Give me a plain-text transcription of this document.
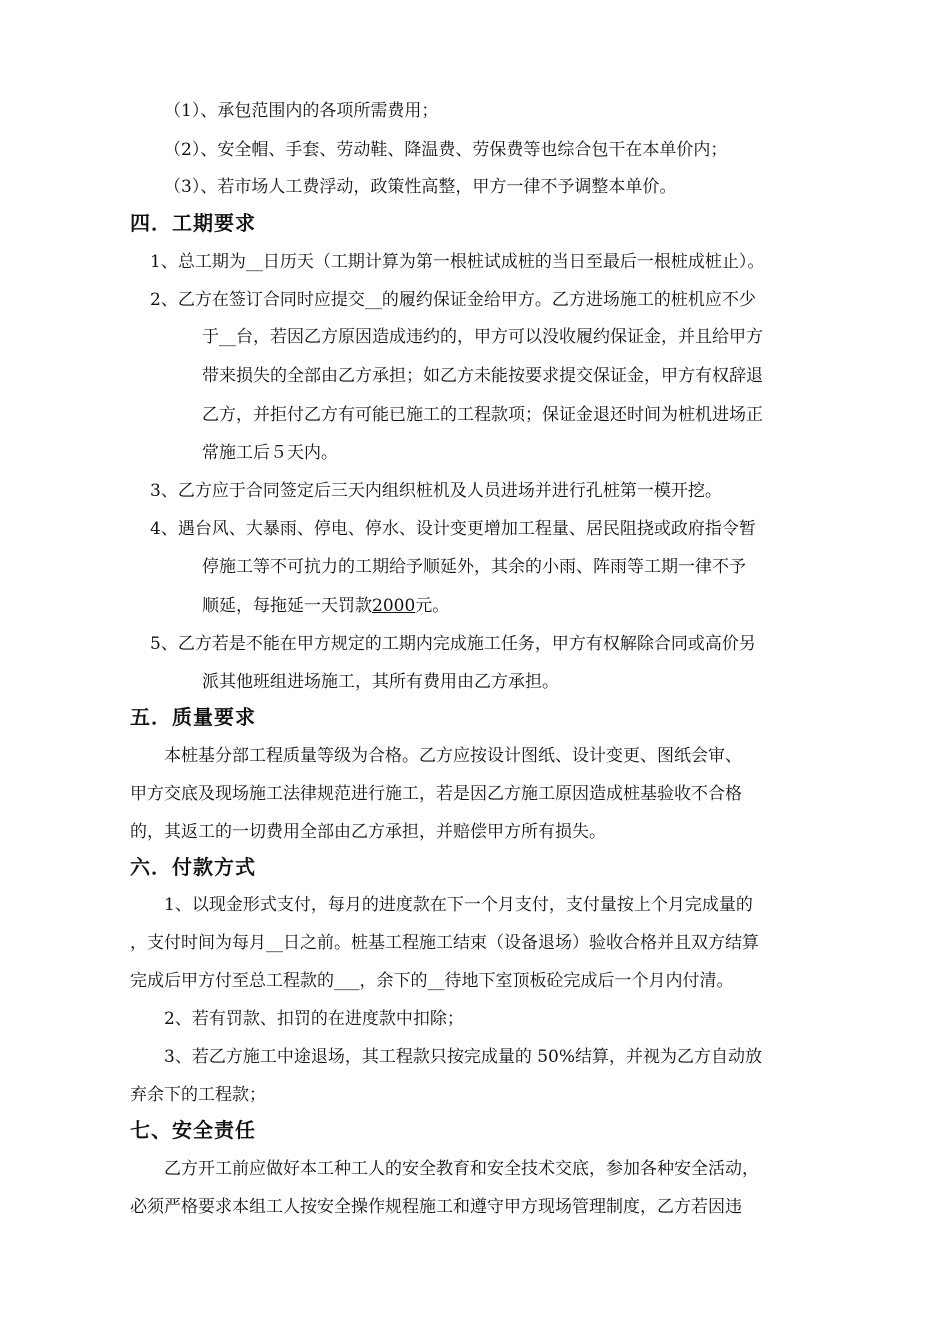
（1）、承包范围内的各项所需费用；
（2）、安全帽、手套、劳动鞋、降温费、劳保费等也综合包干在本单价内；
（3）、若市场人工费浮动，政策性高整，甲方一律不予调整本单价。
四．工期要求
1、总工期为__日历天（工期计算为第一根桩试成桩的当日至最后一根桩成桩止）。
2、乙方在签订合同时应提交__的履约保证金给甲方。乙方进场施工的桩机应不少
于__台，若因乙方原因造成违约的，甲方可以没收履约保证金，并且给甲方
带来损失的全部由乙方承担；如乙方未能按要求提交保证金，甲方有权辞退
乙方，并拒付乙方有可能已施工的工程款项；保证金退还时间为桩机进场正
常施工后５天内。
3、乙方应于合同签定后三天内组织桩机及人员进场并进行孔桩第一模开挖。
4、遇台风、大暴雨、停电、停水、设计变更增加工程量、居民阻挠或政府指令暂
停施工等不可抗力的工期给予顺延外，其余的小雨、阵雨等工期一律不予
顺延，每拖延一天罚款2000元。
5、乙方若是不能在甲方规定的工期内完成施工任务，甲方有权解除合同或高价另
派其他班组进场施工，其所有费用由乙方承担。
五．质量要求
本桩基分部工程质量等级为合格。乙方应按设计图纸、设计变更、图纸会审、
甲方交底及现场施工法律规范进行施工，若是因乙方施工原因造成桩基验收不合格
的，其返工的一切费用全部由乙方承担，并赔偿甲方所有损失。
六．付款方式
1、以现金形式支付，每月的进度款在下一个月支付，支付量按上个月完成量的
，支付时间为每月__日之前。桩基工程施工结束（设备退场）验收合格并且双方结算
完成后甲方付至总工程款的___，余下的__待地下室顶板砼完成后一个月内付清。
2、若有罚款、扣罚的在进度款中扣除；
3、若乙方施工中途退场，其工程款只按完成量的 50%结算，并视为乙方自动放
弃余下的工程款；
七、安全责任
乙方开工前应做好本工种工人的安全教育和安全技术交底，参加各种安全活动，
必须严格要求本组工人按安全操作规程施工和遵守甲方现场管理制度，乙方若因违
